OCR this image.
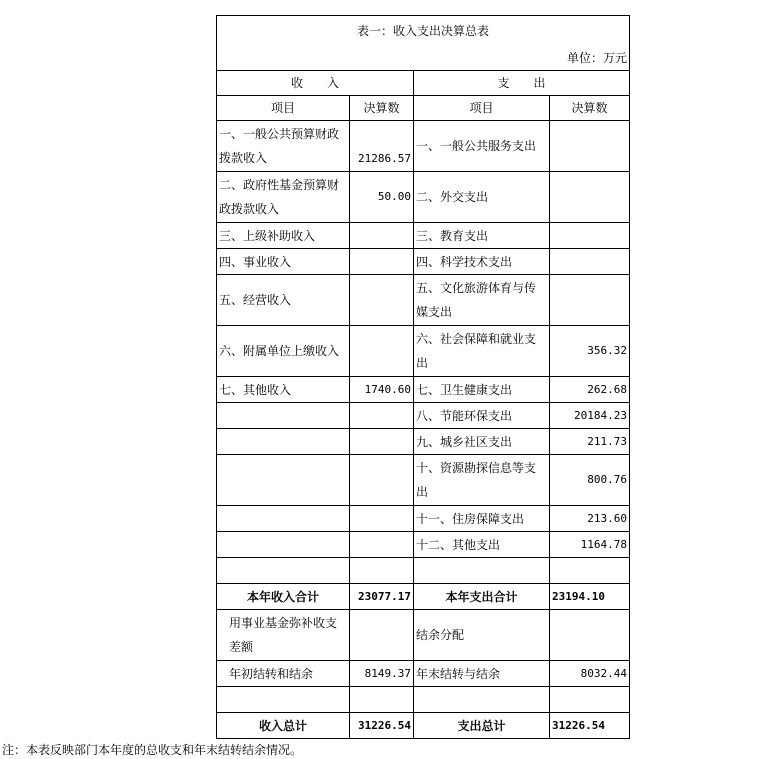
表一：收入支出决算总表			
单位：万元			
收　　入		支　　出	
项目	决算数	项目	决算数
一、一般公共预算财政拨款收入	21286.57	一、一般公共服务支出	
二、政府性基金预算财政拨款收入	50.00	二、外交支出	
三、上级补助收入		三、教育支出	
四、事业收入		四、科学技术支出	
五、经营收入		五、文化旅游体育与传媒支出	
六、附属单位上缴收入		六、社会保障和就业支出	356.32
七、其他收入	1740.60	七、卫生健康支出	262.68
		八、节能环保支出	20184.23
		九、城乡社区支出	211.73
		十、资源勘探信息等支出	800.76
		十一、住房保障支出	213.60
		十二、其他支出	1164.78

本年收入合计	23077.17	本年支出合计	23194.10
用事业基金弥补收支差额		结余分配	
年初结转和结余	8149.37	年末结转与结余	8032.44

收入总计	31226.54	支出总计	31226.54
注：本表反映部门本年度的总收支和年末结转结余情况。
